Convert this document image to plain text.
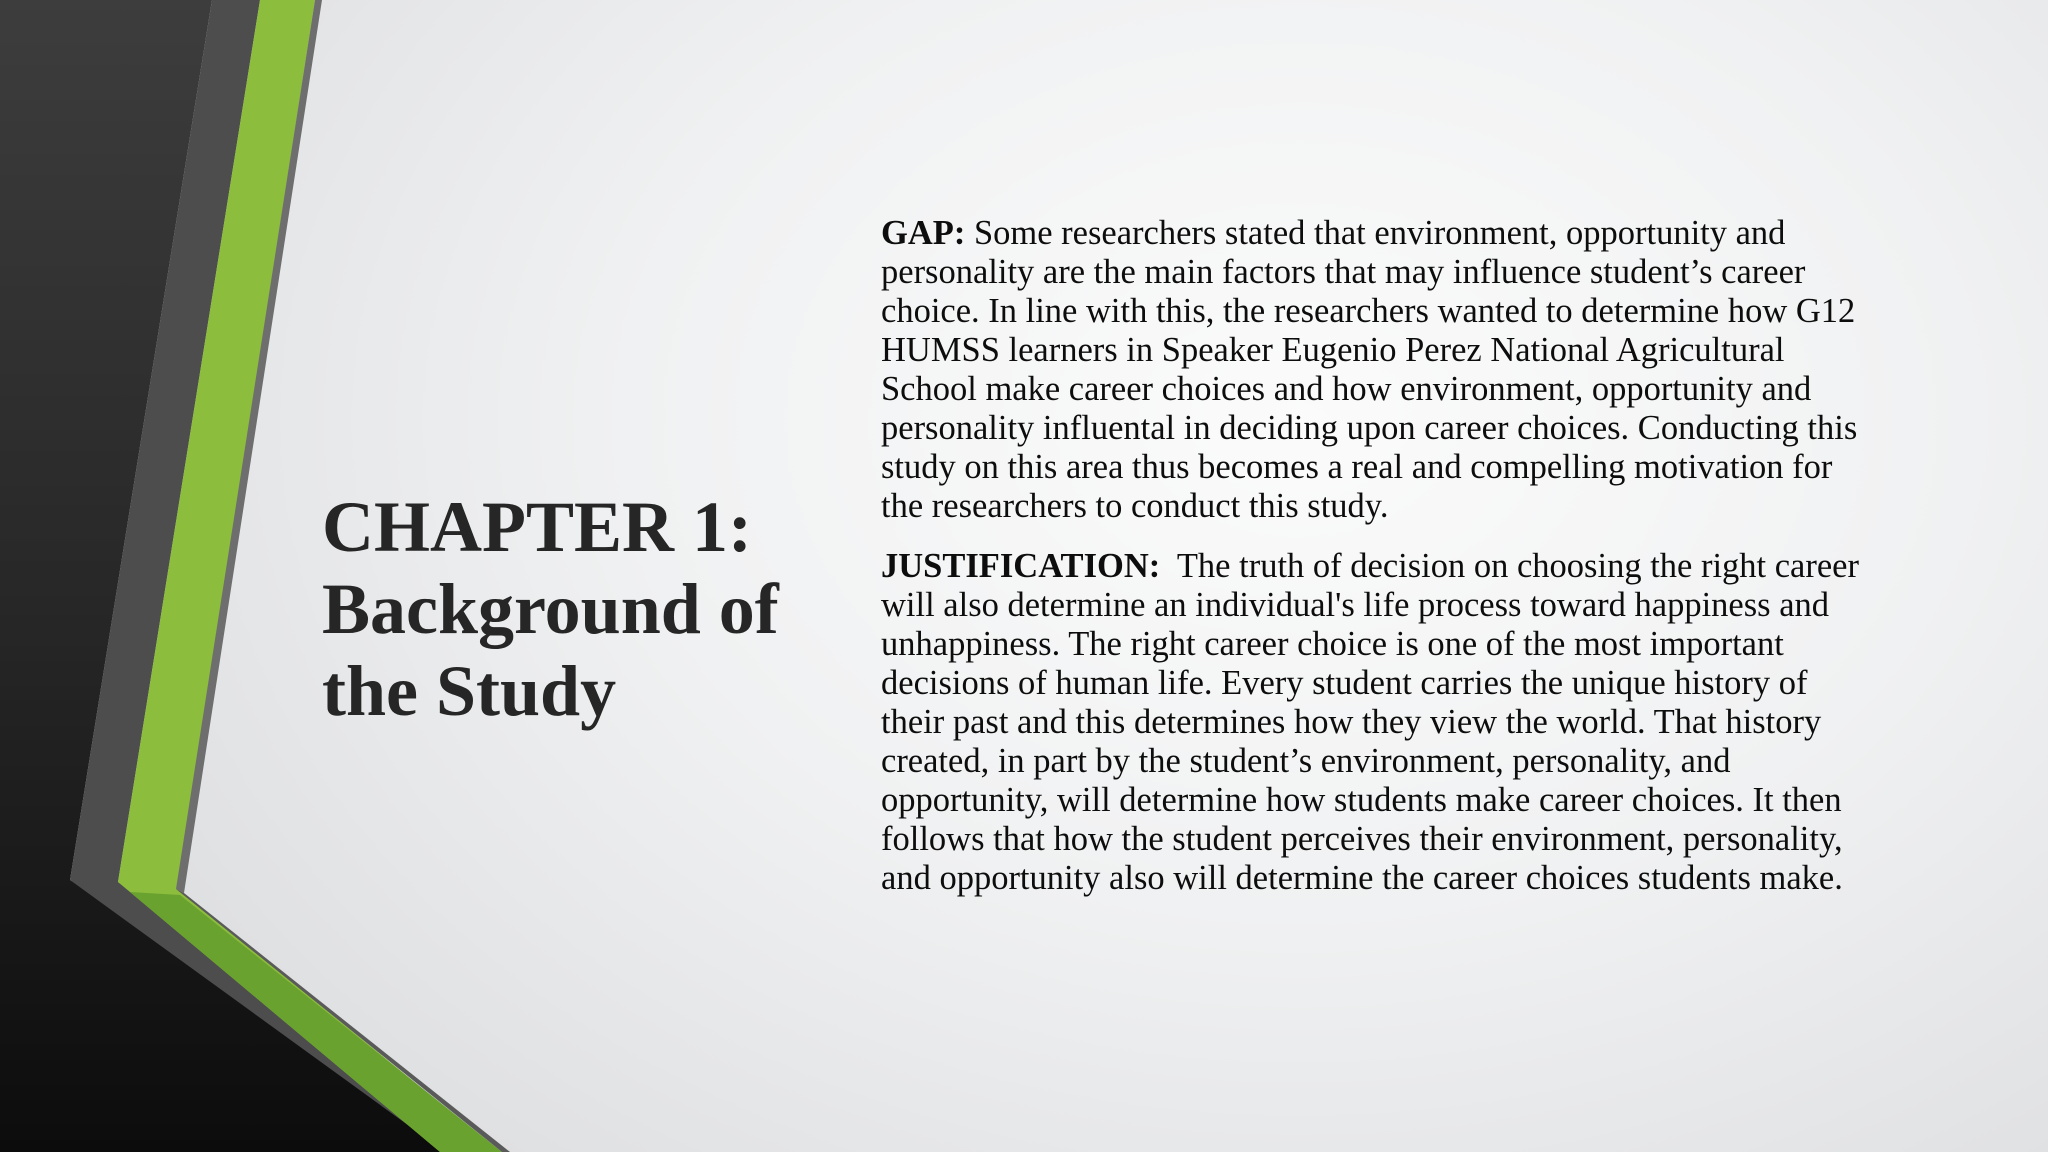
CHAPTER 1:
Background of
the Study

GAP: Some researchers stated that environment, opportunity and
personality are the main factors that may influence student’s career
choice. In line with this, the researchers wanted to determine how G12
HUMSS learners in Speaker Eugenio Perez National Agricultural
School make career choices and how environment, opportunity and
personality influental in deciding upon career choices. Conducting this
study on this area thus becomes a real and compelling motivation for
the researchers to conduct this study.

JUSTIFICATION:  The truth of decision on choosing the right career
will also determine an individual's life process toward happiness and
unhappiness. The right career choice is one of the most important
decisions of human life. Every student carries the unique history of
their past and this determines how they view the world. That history
created, in part by the student’s environment, personality, and
opportunity, will determine how students make career choices. It then
follows that how the student perceives their environment, personality,
and opportunity also will determine the career choices students make.
